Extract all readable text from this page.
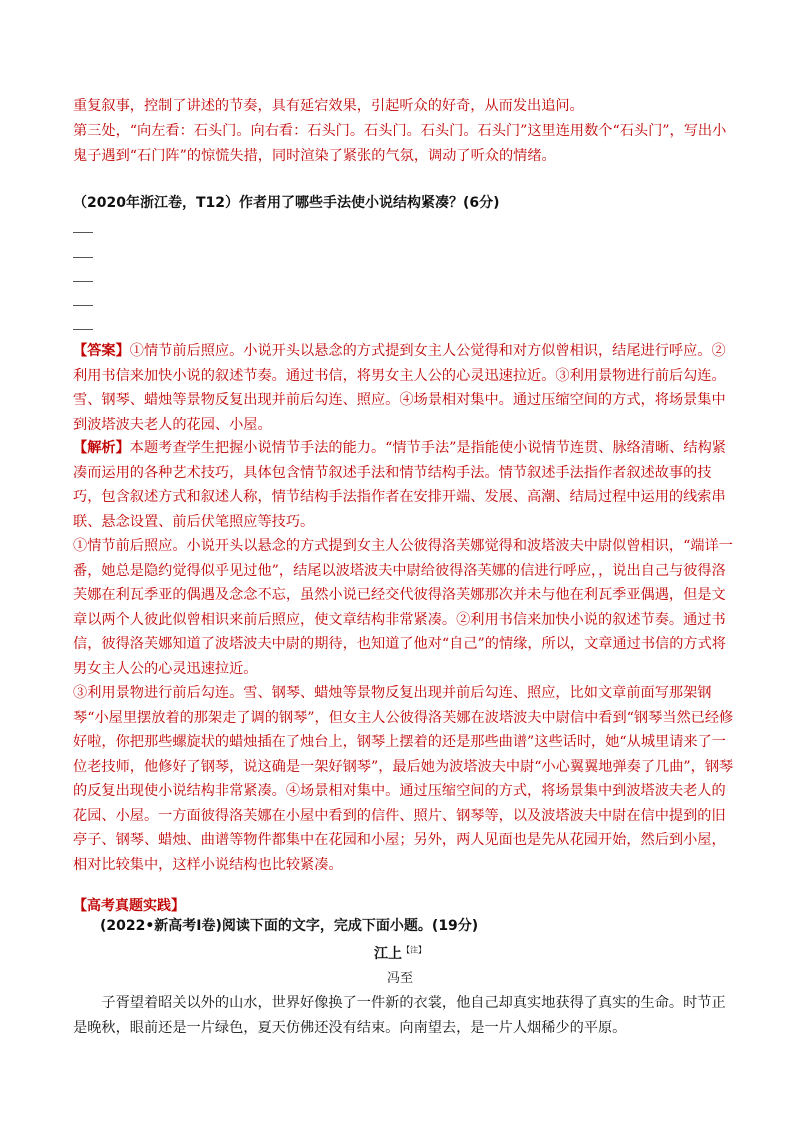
重复叙事，控制了讲述的节奏，具有延宕效果，引起听众的好奇，从而发出追问。

第三处，“向左看：石头门。向右看：石头门。石头门。石头门。石头门”这里连用数个“石头门”，写出小鬼子遇到“石门阵”的惊慌失措，同时渲染了紧张的气氛，调动了听众的情绪。

（2020年浙江卷，T12）作者用了哪些手法使小说结构紧凑？(6分)

【答案】①情节前后照应。小说开头以悬念的方式提到女主人公觉得和对方似曾相识，结尾进行呼应。②利用书信来加快小说的叙述节奏。通过书信，将男女主人公的心灵迅速拉近。③利用景物进行前后勾连。雪、钢琴、蜡烛等景物反复出现并前后勾连、照应。④场景相对集中。通过压缩空间的方式，将场景集中到波塔波夫老人的花园、小屋。

【解析】本题考查学生把握小说情节手法的能力。“情节手法”是指能使小说情节连贯、脉络清晰、结构紧凑而运用的各种艺术技巧，具体包含情节叙述手法和情节结构手法。情节叙述手法指作者叙述故事的技巧，包含叙述方式和叙述人称，情节结构手法指作者在安排开端、发展、高潮、结局过程中运用的线索串联、悬念设置、前后伏笔照应等技巧。

①情节前后照应。小说开头以悬念的方式提到女主人公彼得洛芙娜觉得和波塔波夫中尉似曾相识，“端详一番，她总是隐约觉得似乎见过他”，结尾以波塔波夫中尉给彼得洛芙娜的信进行呼应，，说出自己与彼得洛芙娜在利瓦季亚的偶遇及念念不忘，虽然小说已经交代彼得洛芙娜那次并未与他在利瓦季亚偶遇，但是文章以两个人彼此似曾相识来前后照应，使文章结构非常紧凑。②利用书信来加快小说的叙述节奏。通过书信，彼得洛芙娜知道了波塔波夫中尉的期待，也知道了他对“自己”的情缘，所以，文章通过书信的方式将男女主人公的心灵迅速拉近。

③利用景物进行前后勾连。雪、钢琴、蜡烛等景物反复出现并前后勾连、照应，比如文章前面写那架钢琴“小屋里摆放着的那架走了调的钢琴”，但女主人公彼得洛芙娜在波塔波夫中尉信中看到“钢琴当然已经修好啦，你把那些螺旋状的蜡烛插在了烛台上，钢琴上摆着的还是那些曲谱”这些话时，她“从城里请来了一位老技师，他修好了钢琴，说这确是一架好钢琴”，最后她为波塔波夫中尉“小心翼翼地弹奏了几曲”，钢琴的反复出现使小说结构非常紧凑。④场景相对集中。通过压缩空间的方式，将场景集中到波塔波夫老人的花园、小屋。一方面彼得洛芙娜在小屋中看到的信件、照片、钢琴等，以及波塔波夫中尉在信中提到的旧亭子、钢琴、蜡烛、曲谱等物件都集中在花园和小屋；另外，两人见面也是先从花园开始，然后到小屋，相对比较集中，这样小说结构也比较紧凑。

【高考真题实践】
(2022•新高考Ⅰ卷)阅读下面的文字，完成下面小题。(19分)
江上$^{【注】}$
冯至

子胥望着昭关以外的山水，世界好像换了一件新的衣裳，他自己却真实地获得了真实的生命。时节正是晚秋，眼前还是一片绿色，夏天仿佛还没有结束。向南望去，是一片人烟稀少的平原。
